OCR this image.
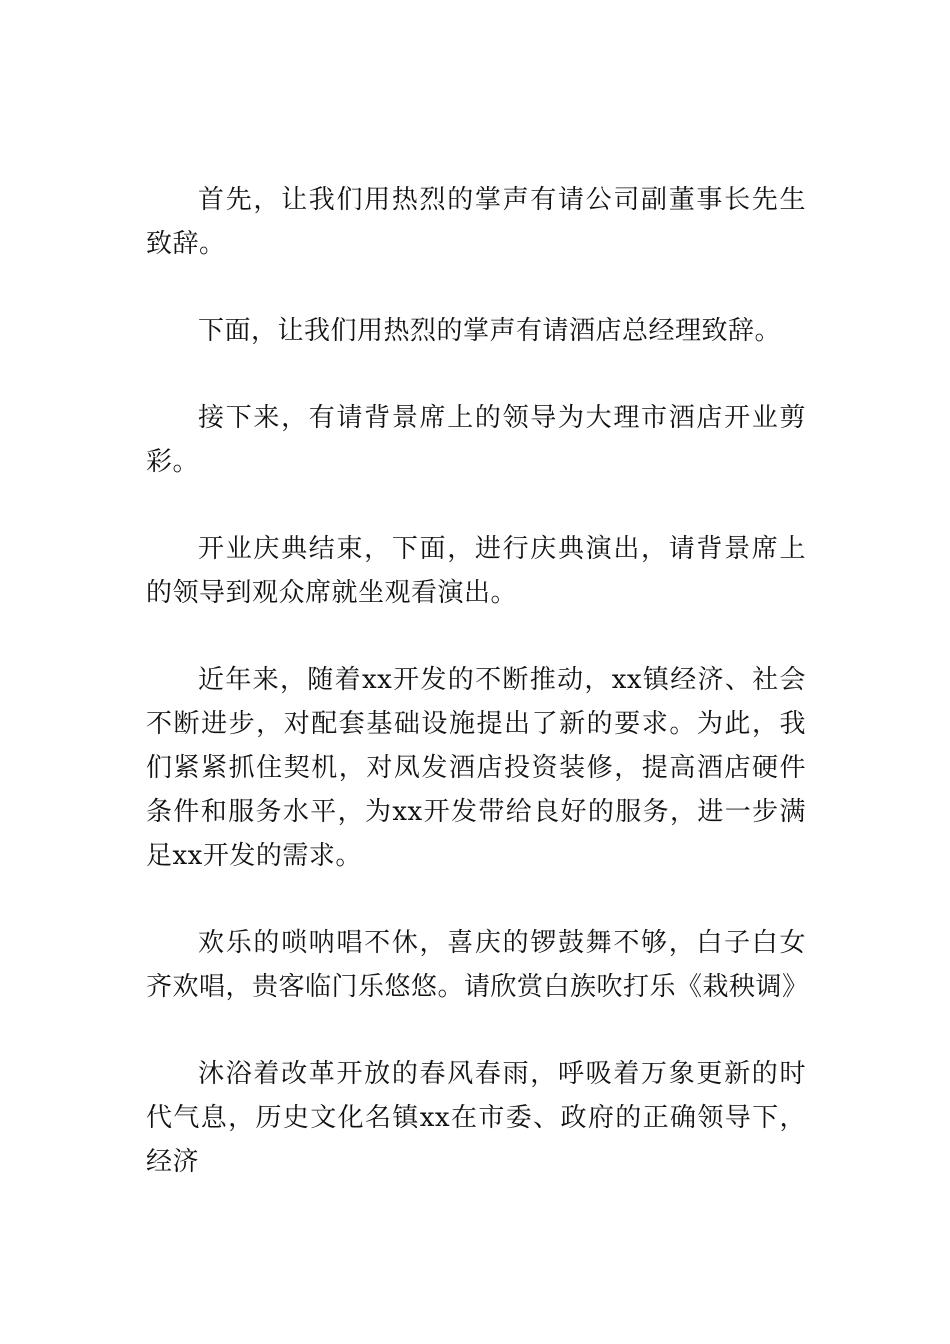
首先，让我们用热烈的掌声有请公司副董事长先生致辞。

下面，让我们用热烈的掌声有请酒店总经理致辞。

接下来，有请背景席上的领导为大理市酒店开业剪彩。

开业庆典结束，下面，进行庆典演出，请背景席上的领导到观众席就坐观看演出。

近年来，随着xx开发的不断推动，xx镇经济、社会不断进步，对配套基础设施提出了新的要求。为此，我们紧紧抓住契机，对凤发酒店投资装修，提高酒店硬件条件和服务水平，为xx开发带给良好的服务，进一步满足xx开发的需求。

欢乐的唢呐唱不休，喜庆的锣鼓舞不够，白子白女齐欢唱，贵客临门乐悠悠。请欣赏白族吹打乐《栽秧调》

沐浴着改革开放的春风春雨，呼吸着万象更新的时代气息，历史文化名镇xx在市委、政府的正确领导下，经济
